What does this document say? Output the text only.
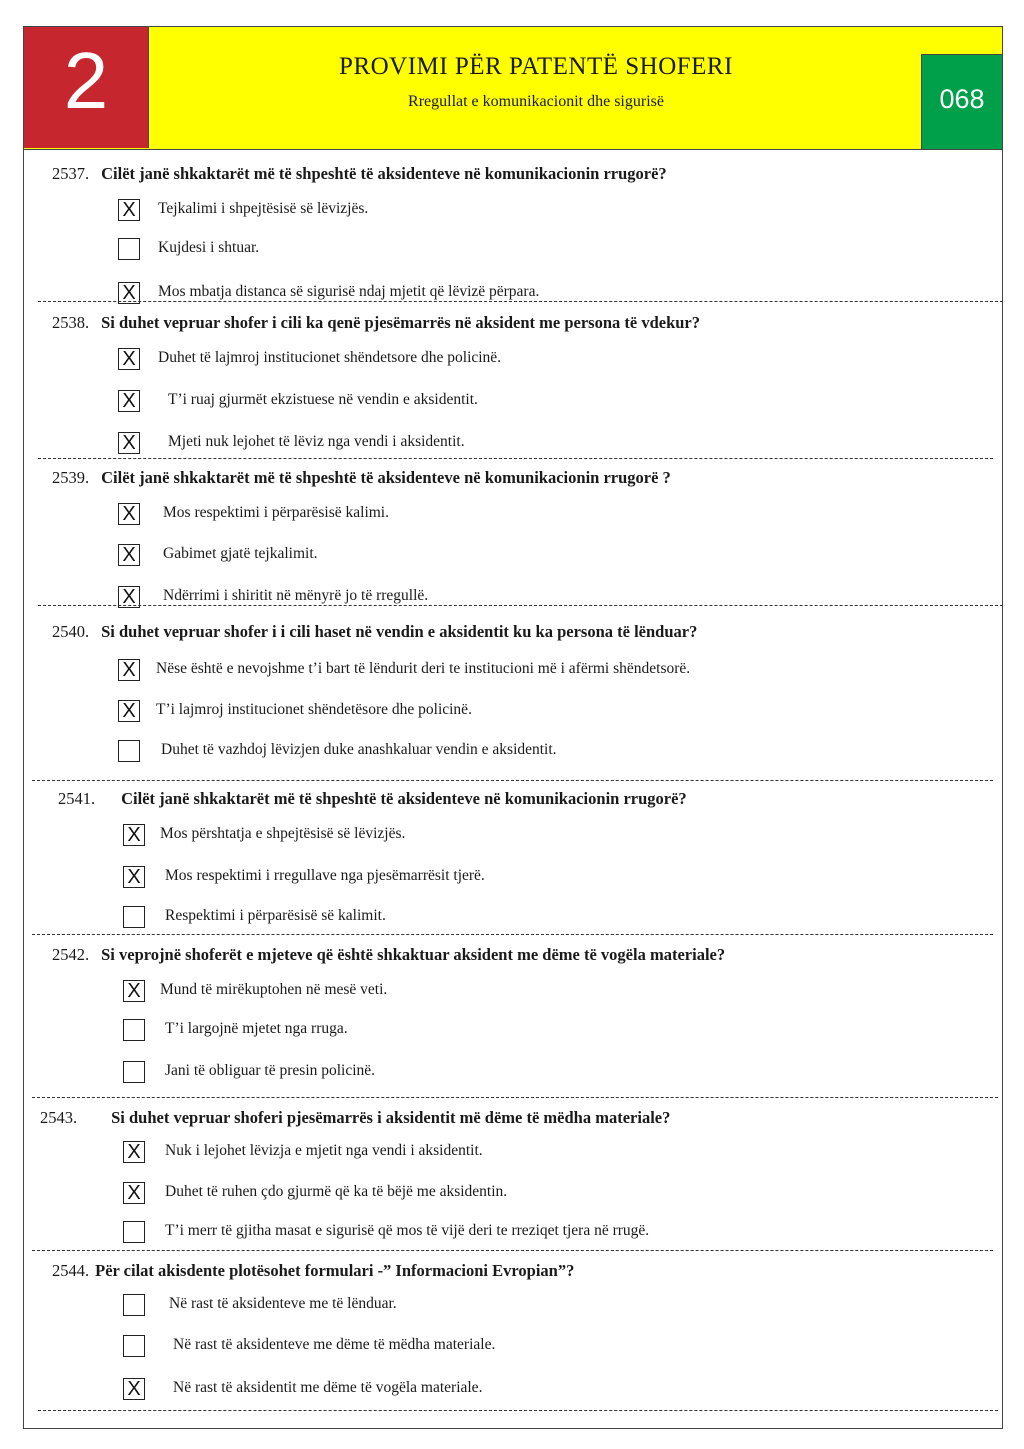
2	PROVIMI PËR PATENTË SHOFERI
Rregullat e komunikacionit dhe sigurisë	068
2537. Cilët janë shkaktarët më të shpeshtë të aksidenteve në komunikacionin rrugorë?
X Tejkalimi i shpejtësisë së lëvizjës.
Kujdesi i shtuar.
X Mos mbatja distanca së sigurisë ndaj mjetit që lëvizë përpara.
2538. Si duhet vepruar shofer i cili ka qenë pjesëmarrës në aksident me persona të vdekur?
X Duhet të lajmroj institucionet shëndetsore dhe policinë.
X T’i ruaj gjurmët ekzistuese në vendin e aksidentit.
X Mjeti nuk lejohet të lëviz nga vendi i aksidentit.
2539. Cilët janë shkaktarët më të shpeshtë të aksidenteve në komunikacionin rrugorë ?
X Mos respektimi i përparësisë kalimi.
X Gabimet gjatë tejkalimit.
X Ndërrimi i shiritit në mënyrë jo të rregullë.
2540. Si duhet vepruar shofer i i cili haset në vendin e aksidentit ku ka persona të lënduar?
X Nëse është e nevojshme t’i bart të lëndurit deri te institucioni më i afërmi shëndetsorë.
X T’i lajmroj institucionet shëndetësore dhe policinë.
Duhet të vazhdoj lëvizjen duke anashkaluar vendin e aksidentit.
2541. Cilët janë shkaktarët më të shpeshtë të aksidenteve në komunikacionin rrugorë?
X Mos përshtatja e shpejtësisë së lëvizjës.
X Mos respektimi i rregullave nga pjesëmarrësit tjerë.
Respektimi i përparësisë së kalimit.
2542. Si veprojnë shoferët e mjeteve që është shkaktuar aksident me dëme të vogëla materiale?
X Mund të mirëkuptohen në mesë veti.
T’i largojnë mjetet nga rruga.
Jani të obliguar të presin policinë.
2543. Si duhet vepruar shoferi pjesëmarrës i aksidentit më dëme të mëdha materiale?
X Nuk i lejohet lëvizja e mjetit nga vendi i aksidentit.
X Duhet të ruhen çdo gjurmë që ka të bëjë me aksidentin.
T’i merr të gjitha masat e sigurisë që mos të vijë deri te rreziqet tjera në rrugë.
2544. Për cilat akisdente plotësohet formulari -” Informacioni Evropian”?
Në rast të aksidenteve me të lënduar.
Në rast të aksidenteve me dëme të mëdha materiale.
X Në rast të aksidentit me dëme të vogëla materiale.
